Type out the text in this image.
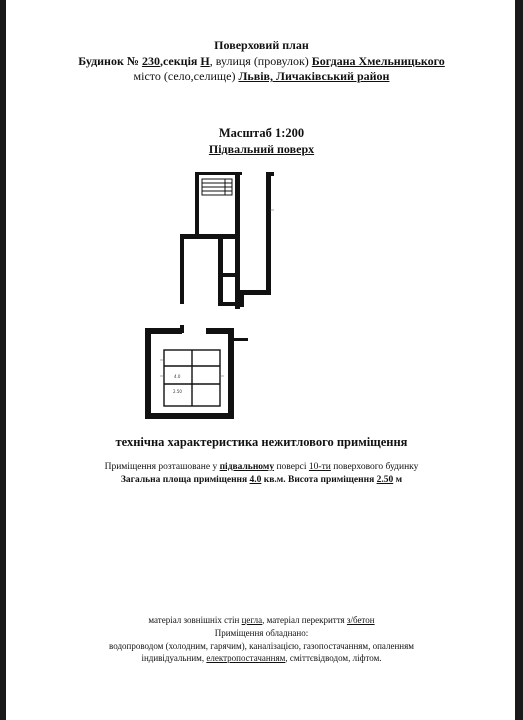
Поверховий план
Будинок № 230,секція Н, вулиця (провулок) Богдана Хмельницького
місто (село,селище) Львів, Личаківський район
Масштаб 1:200
Підвальний поверх
4.0
2.50
технічна характеристика нежитлового приміщення
Приміщення розташоване у підвальному поверсі 10-ти поверхового будинку
Загальна площа приміщення 4.0 кв.м. Висота приміщення 2.50 м
матеріал зовнішніх стін цегла, матеріал перекриття з/бетон
Приміщення обладнано:
водопроводом (холодним, гарячим), каналізацією, газопостачанням, опаленням
індивідуальним, електропостачанням, сміттєвідводом, ліфтом.
